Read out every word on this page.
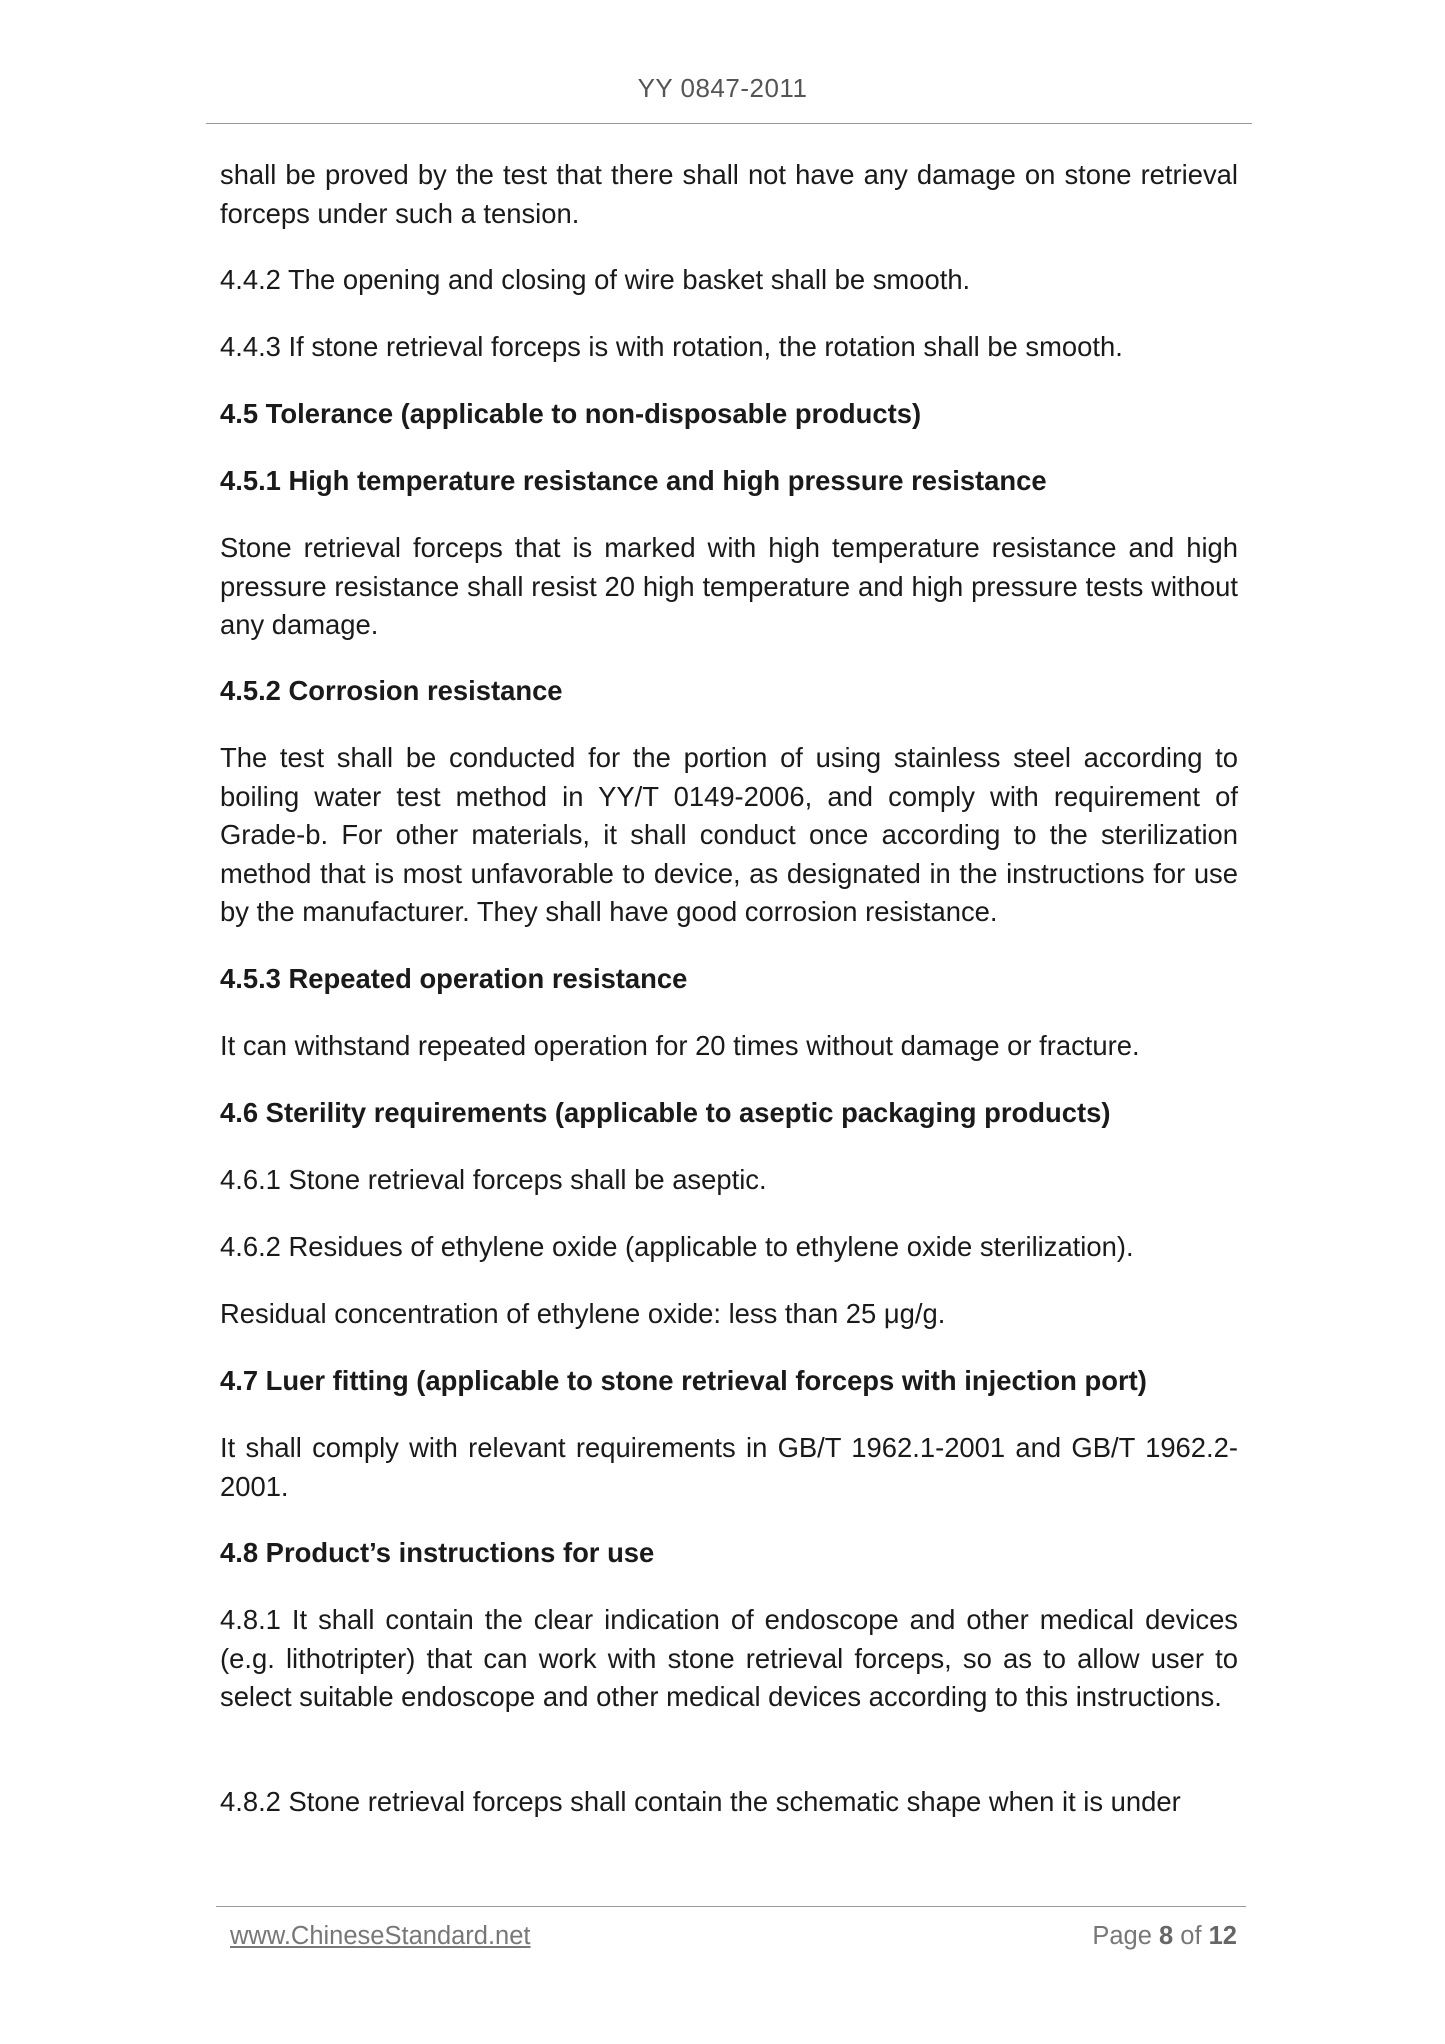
YY 0847-2011

shall be proved by the test that there shall not have any damage on stone retrieval forceps under such a tension.

4.4.2 The opening and closing of wire basket shall be smooth.

4.4.3 If stone retrieval forceps is with rotation, the rotation shall be smooth.

4.5 Tolerance (applicable to non-disposable products)

4.5.1 High temperature resistance and high pressure resistance

Stone retrieval forceps that is marked with high temperature resistance and high pressure resistance shall resist 20 high temperature and high pressure tests without any damage.

4.5.2 Corrosion resistance

The test shall be conducted for the portion of using stainless steel according to boiling water test method in YY/T 0149-2006, and comply with requirement of Grade-b. For other materials, it shall conduct once according to the sterilization method that is most unfavorable to device, as designated in the instructions for use by the manufacturer. They shall have good corrosion resistance.

4.5.3 Repeated operation resistance

It can withstand repeated operation for 20 times without damage or fracture.

4.6 Sterility requirements (applicable to aseptic packaging products)

4.6.1 Stone retrieval forceps shall be aseptic.

4.6.2 Residues of ethylene oxide (applicable to ethylene oxide sterilization).

Residual concentration of ethylene oxide: less than 25 μg/g.

4.7 Luer fitting (applicable to stone retrieval forceps with injection port)

It shall comply with relevant requirements in GB/T 1962.1-2001 and GB/T 1962.2-2001.

4.8 Product’s instructions for use

4.8.1 It shall contain the clear indication of endoscope and other medical devices (e.g. lithotripter) that can work with stone retrieval forceps, so as to allow user to select suitable endoscope and other medical devices according to this instructions.

4.8.2 Stone retrieval forceps shall contain the schematic shape when it is under

www.ChineseStandard.net	Page 8 of 12
